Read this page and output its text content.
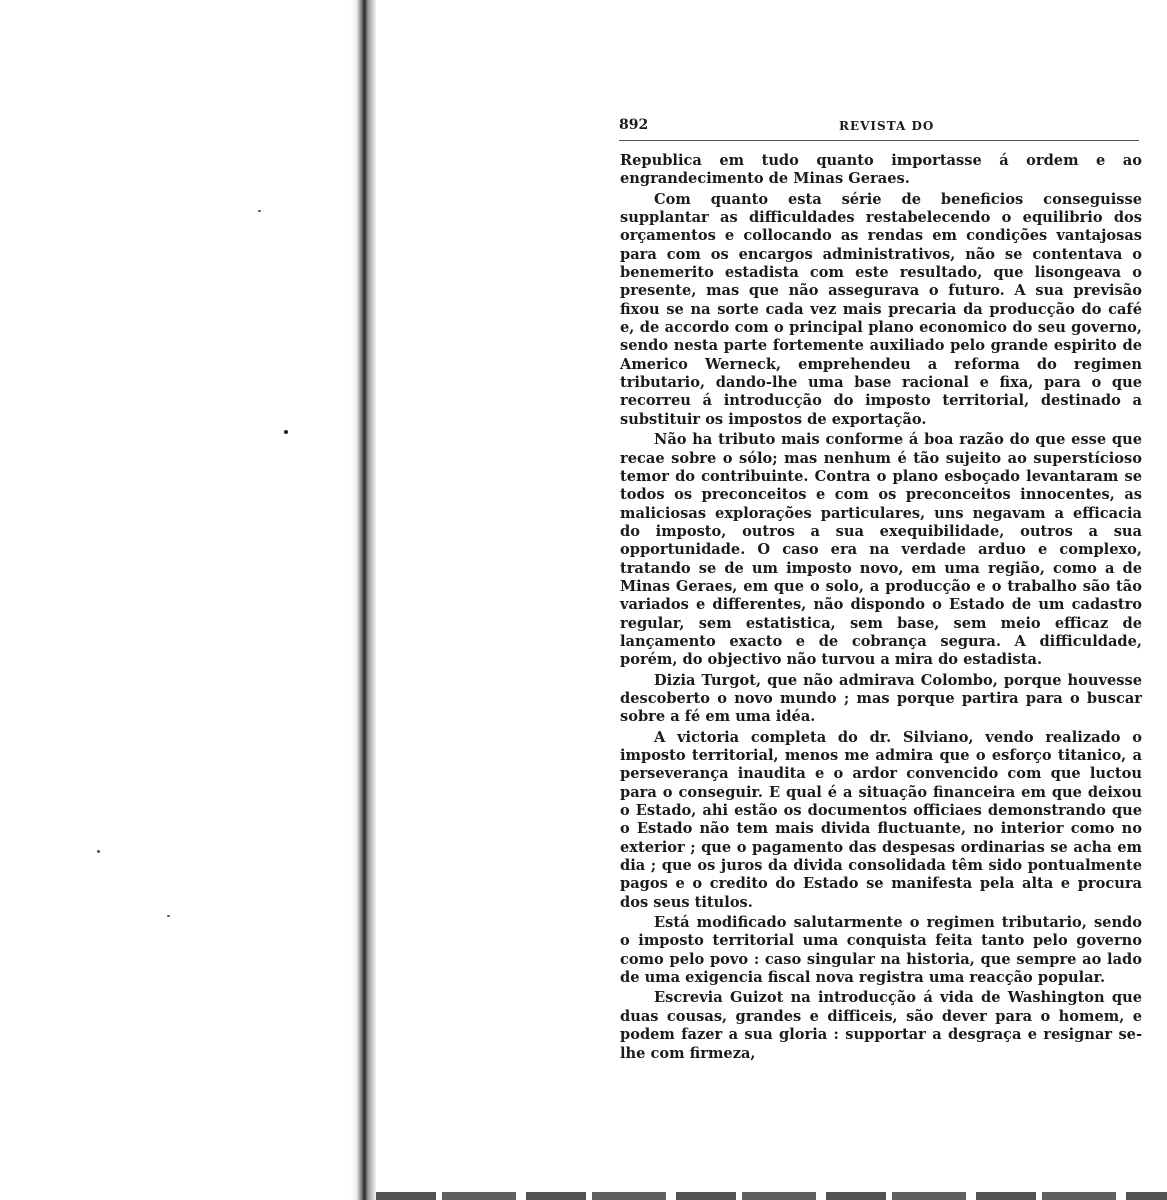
892	REVISTA DO

Republica em tudo quanto importasse á ordem e ao engrandecimento de Minas Geraes.

Com quanto esta série de beneficios conseguisse supplantar as difficuldades restabelecendo o equilibrio dos orçamentos e collocando as rendas em condições vantajosas para com os encargos administrativos, não se contentava o benemerito estadista com este resultado, que lisongeava o presente, mas que não assegurava o futuro. A sua previsão fixou se na sorte cada vez mais precaria da producção do café e, de accordo com o principal plano economico do seu governo, sendo nesta parte fortemente auxiliado pelo grande espirito de Americo Werneck, emprehendeu a reforma do regimen tributario, dando-lhe uma base racional e fixa, para o que recorreu á introducção do imposto territorial, destinado a substituir os impostos de exportação.

Não ha tributo mais conforme á boa razão do que esse que recae sobre o sólo; mas nenhum é tão sujeito ao superstícioso temor do contribuinte. Contra o plano esboçado levantaram se todos os preconceitos e com os preconceitos innocentes, as maliciosas explorações particulares, uns negavam a efficacia do imposto, outros a sua exequibilidade, outros a sua opportunidade. O caso era na verdade arduo e complexo, tratando se de um imposto novo, em uma região, como a de Minas Geraes, em que o solo, a producção e o trabalho são tão variados e differentes, não dispondo o Estado de um cadastro regular, sem estatistica, sem base, sem meio efficaz de lançamento exacto e de cobrança segura. A difficuldade, porém, do objectivo não turvou a mira do estadista.

Dizia Turgot, que não admirava Colombo, porque houvesse descoberto o novo mundo ; mas porque partira para o buscar sobre a fé em uma idéa.

A victoria completa do dr. Silviano, vendo realizado o imposto territorial, menos me admira que o esforço titanico, a perseverança inaudita e o ardor convencido com que luctou para o conseguir. E qual é a situação financeira em que deixou o Estado, ahi estão os documentos officiaes demonstrando que o Estado não tem mais divida fluctuante, no interior como no exterior ; que o pagamento das despesas ordinarias se acha em dia ; que os juros da divida consolidada têm sido pontualmente pagos e o credito do Estado se manifesta pela alta e procura dos seus titulos.

Está modificado salutarmente o regimen tributario, sendo o imposto territorial uma conquista feita tanto pelo governo como pelo povo : caso singular na historia, que sempre ao lado de uma exigencia fiscal nova registra uma reacção popular.

Escrevia Guizot na introducção á vida de Washington que duas cousas, grandes e difficeis, são dever para o homem, e podem fazer a sua gloria : supportar a desgraça e resignar se-lhe com firmeza,
